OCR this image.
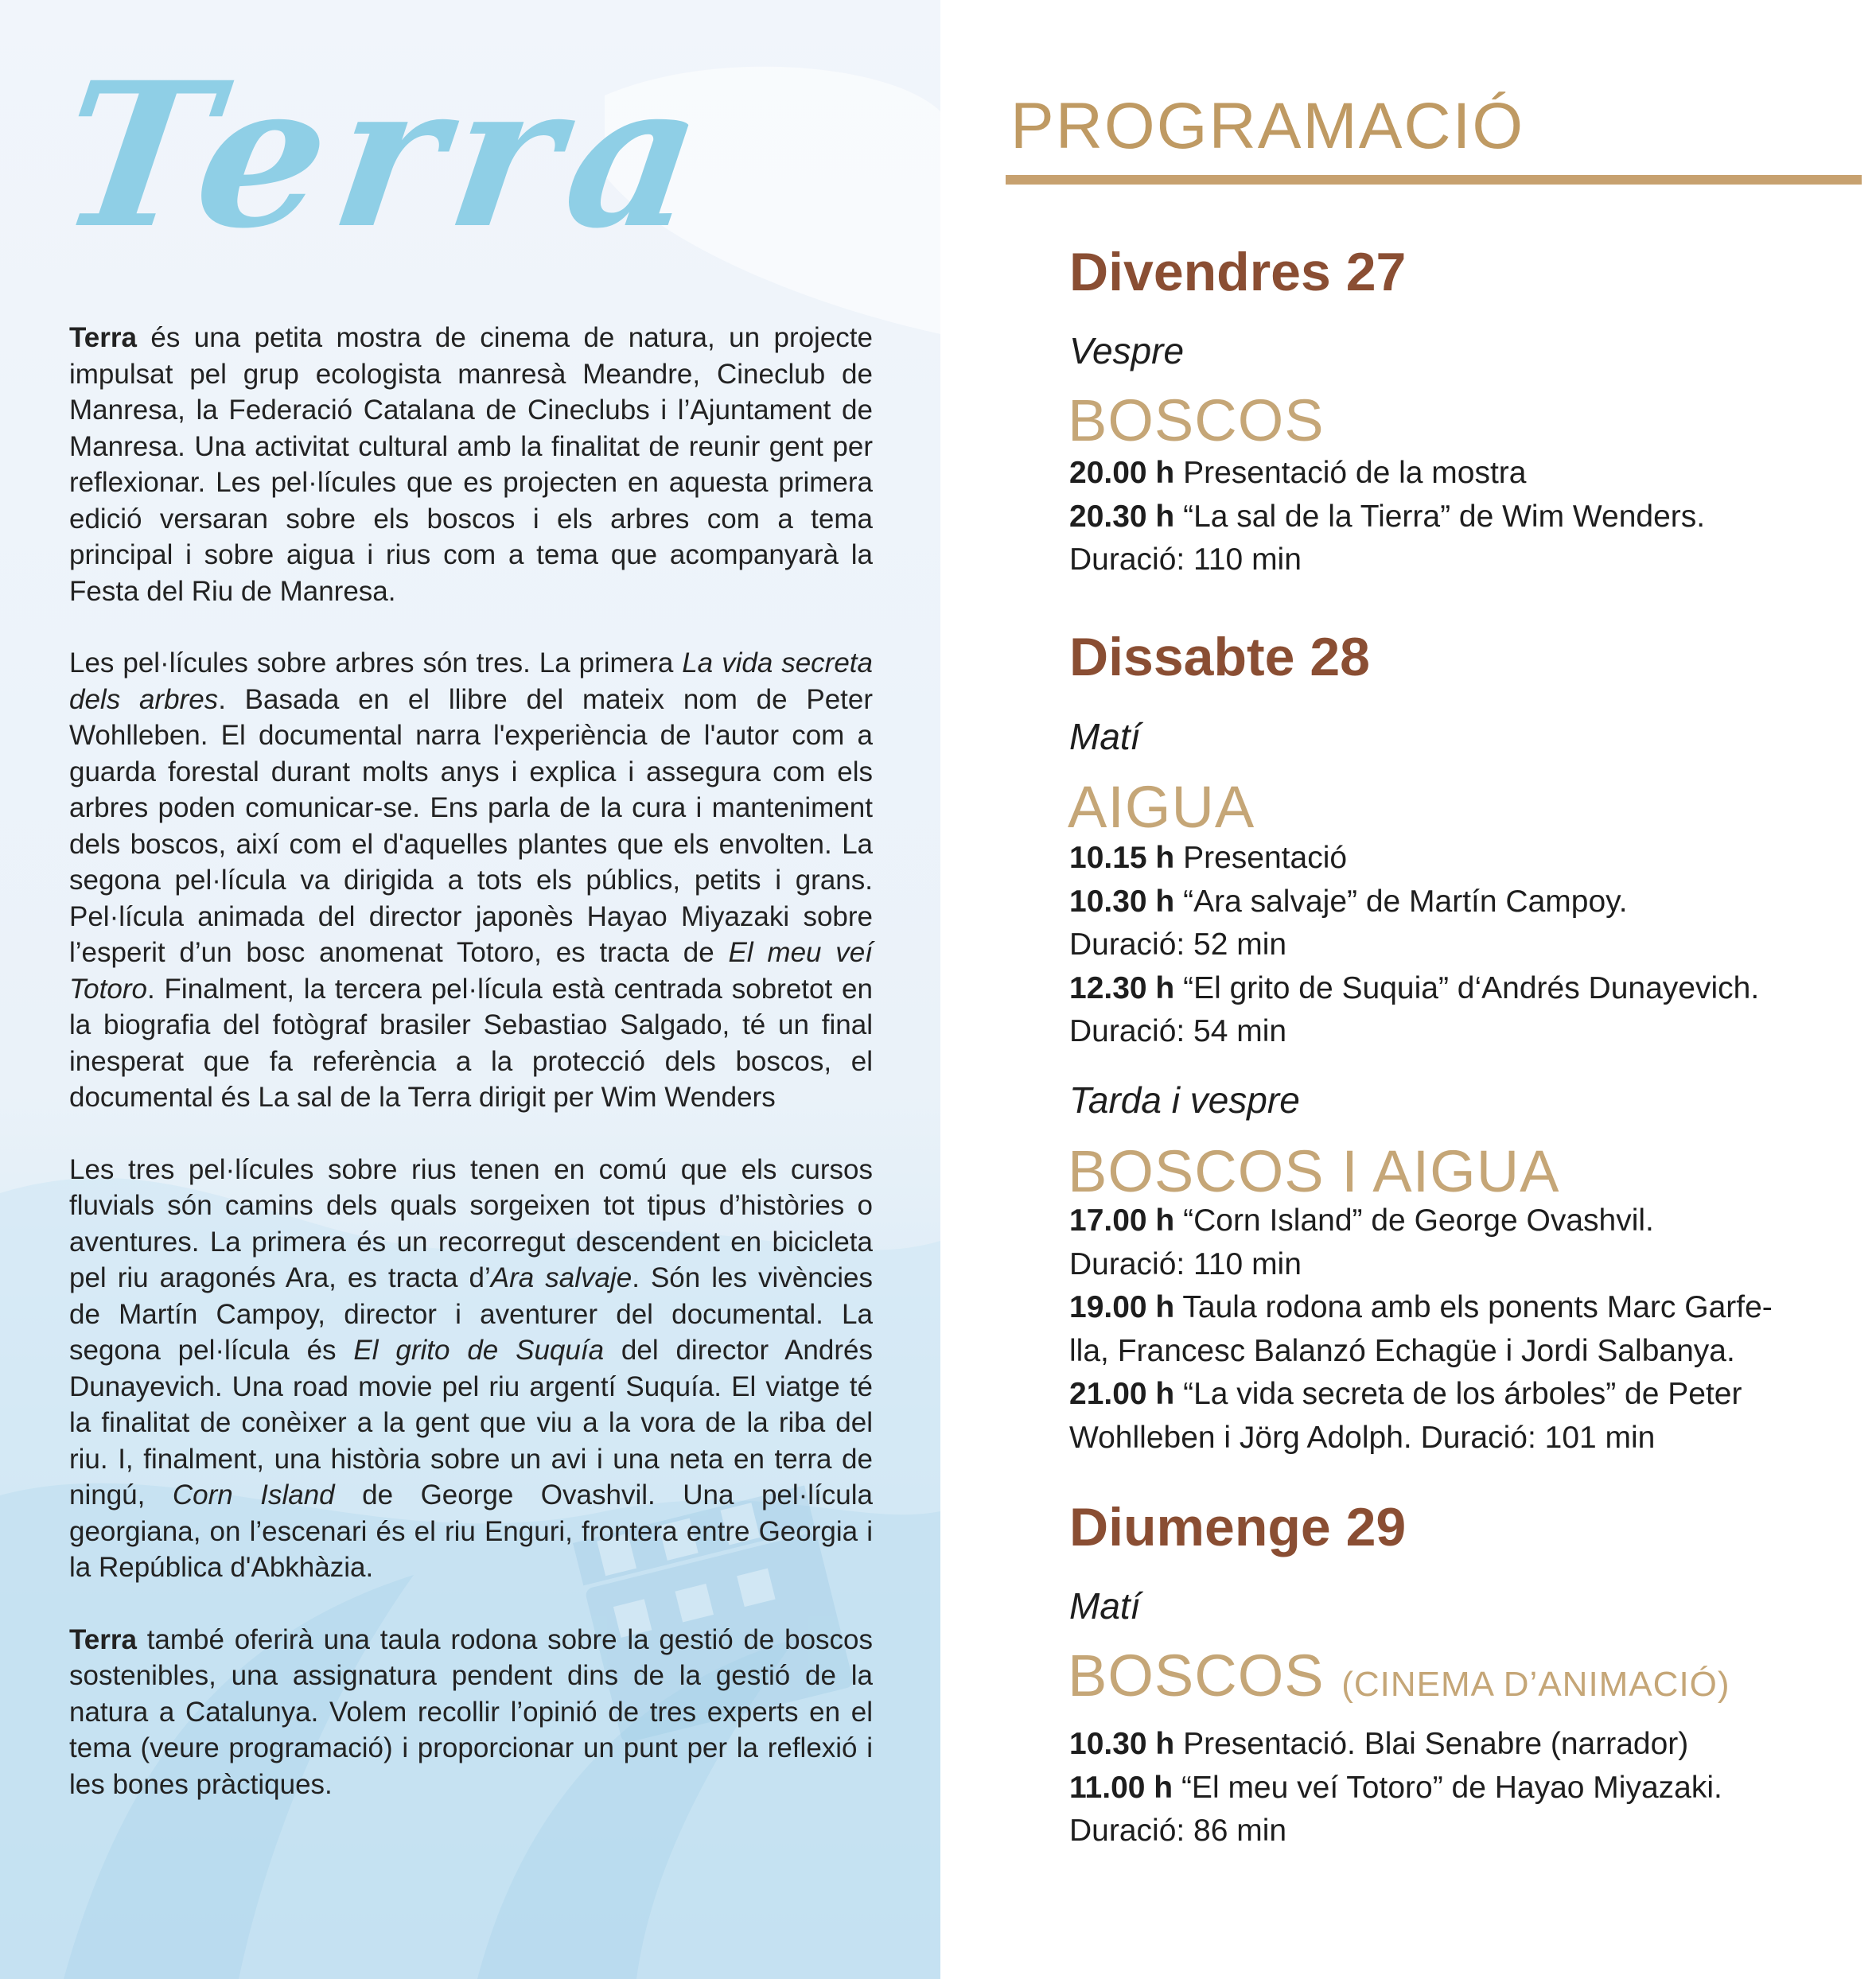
Terra

Terra és una petita mostra de cinema de natura, un projecte impulsat pel grup ecologista manresà Meandre, Cineclub de Manresa, la Federació Catalana de Cineclubs i l’Ajuntament de Manresa. Una activitat cultural amb la finalitat de reunir gent per reflexionar. Les pel·lícules que es projecten en aquesta primera edició versaran sobre els boscos i els arbres com a tema principal i sobre aigua i rius com a tema que acompanyarà la Festa del Riu de Manresa.

Les pel·lícules sobre arbres són tres. La primera La vida secreta dels arbres. Basada en el llibre del mateix nom de Peter Wohlleben. El documental narra l'experiència de l'autor com a guarda forestal durant molts anys i explica i assegura com els arbres poden comunicar-se. Ens parla de la cura i manteniment dels boscos, així com el d'aquelles plantes que els envolten. La segona pel·lícula va dirigida a tots els públics, petits i grans. Pel·lícula animada del director japonès Hayao Miyazaki sobre l’esperit d’un bosc anomenat Totoro, es tracta de El meu veí Totoro. Finalment, la tercera pel·lícula està centrada sobretot en la biografia del fotògraf brasiler Sebastiao Salgado, té un final inesperat que fa referència a la protecció dels boscos, el documental és La sal de la Terra dirigit per Wim Wenders

Les tres pel·lícules sobre rius tenen en comú que els cursos fluvials són camins dels quals sorgeixen tot tipus d’històries o aventures. La primera és un recorregut descendent en bicicleta pel riu aragonés Ara, es tracta d’Ara salvaje. Són les vivències de Martín Campoy, director i aventurer del documental. La segona pel·lícula és El grito de Suquía del director Andrés Dunayevich. Una road movie pel riu argentí Suquía. El viatge té la finalitat de conèixer a la gent que viu a la vora de la riba del riu. I, finalment, una història sobre un avi i una neta en terra de ningú, Corn Island de George Ovashvil. Una pel·lícula georgiana, on l’escenari és el riu Enguri, frontera entre Georgia i la República d'Abkhàzia.

Terra també oferirà una taula rodona sobre la gestió de boscos sostenibles, una assignatura pendent dins de la gestió de la natura a Catalunya. Volem recollir l’opinió de tres experts en el tema (veure programació) i proporcionar un punt per la reflexió i les bones pràctiques.

PROGRAMACIÓ
Divendres 27
Vespre
BOSCOS
20.00 h Presentació de la mostra
20.30 h “La sal de la Tierra” de Wim Wenders.
Duració: 110 min
Dissabte 28
Matí
AIGUA
10.15 h Presentació
10.30 h “Ara salvaje” de Martín Campoy.
Duració: 52 min
12.30 h “El grito de Suquia” d‘Andrés Dunayevich.
Duració: 54 min
Tarda i vespre
BOSCOS I AIGUA
17.00 h “Corn Island” de George Ovashvil.
Duració: 110 min
19.00 h Taula rodona amb els ponents Marc Garfe-
lla, Francesc Balanzó Echagüe i Jordi Salbanya.
21.00 h “La vida secreta de los árboles” de Peter
Wohlleben i Jörg Adolph. Duració: 101 min
Diumenge 29
Matí
BOSCOS (CINEMA D’ANIMACIÓ)
10.30 h Presentació. Blai Senabre (narrador)
11.00 h “El meu veí Totoro” de Hayao Miyazaki.
Duració: 86 min
